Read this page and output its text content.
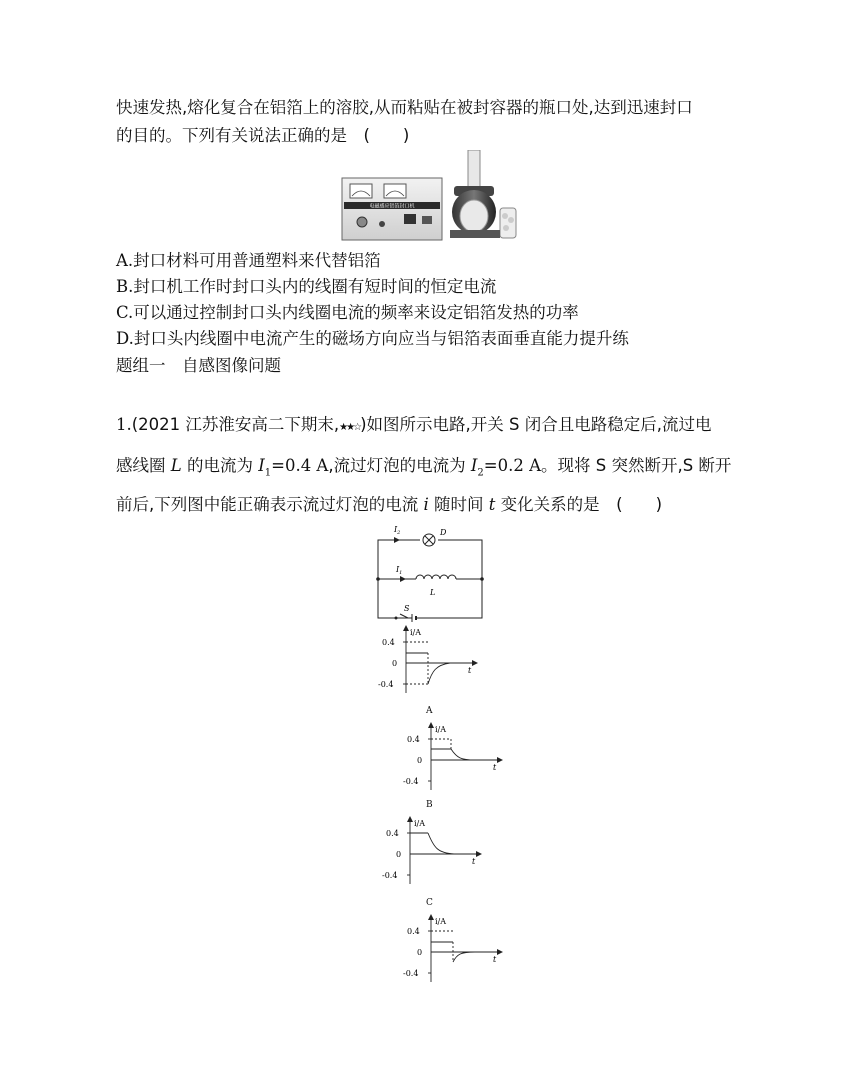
快速发热,熔化复合在铝箔上的溶胶,从而粘贴在被封容器的瓶口处,达到迅速封口
的目的。下列有关说法正确的是　(　　)
电磁感应铝箔封口机
A.封口材料可用普通塑料来代替铝箔
B.封口机工作时封口头内的线圈有短时间的恒定电流
C.可以通过控制封口头内线圈电流的频率来设定铝箔发热的功率
D.封口头内线圈中电流产生的磁场方向应当与铝箔表面垂直能力提升练
题组一　自感图像问题
1.(2021 江苏淮安高二下期末,★★☆)如图所示电路,开关 S 闭合且电路稳定后,流过电
感线圈 L 的电流为 $I_1=0.4$ A,流过灯泡的电流为 $I_2=0.2$ A。现将 S 突然断开,S 断开
前后,下列图中能正确表示流过灯泡的电流 i 随时间 t 变化关系的是　(　　)
$I_2$	D
$I_1$
L
S
i/A
0.4
0
-0.4
t
A
i/A
0.4
0
-0.4
t
B
i/A
0.4
0
-0.4
t
C
i/A
0.4
0
-0.4
t
